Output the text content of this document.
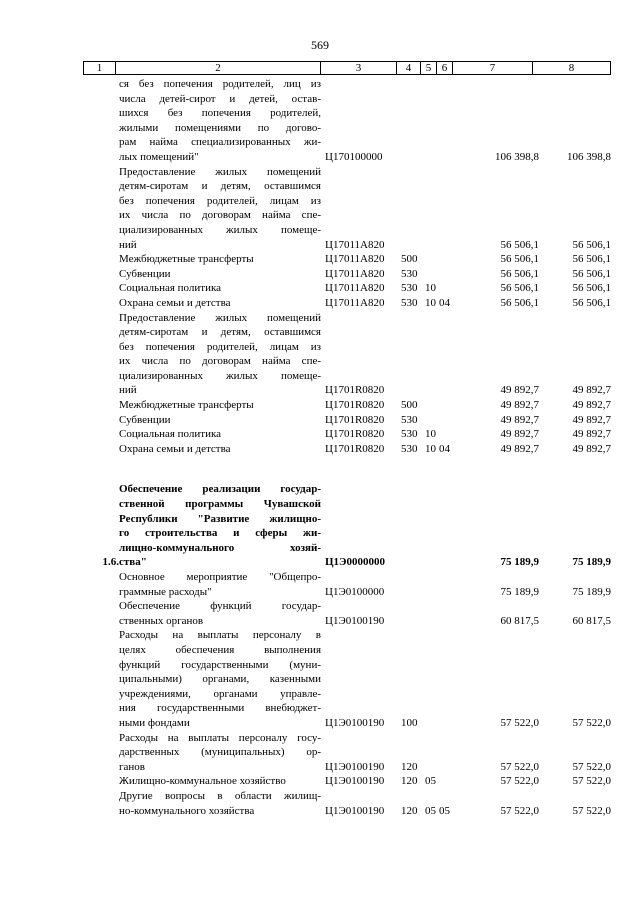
569
1	2	3	4	5 6	7	8
ся без попечения родителей, лиц из
числа детей-сирот и детей, остав-
шихся без попечения родителей,
жилыми помещениями по догово-
рам найма специализированных жи-
лых помещений"	Ц170100000	106 398,8	106 398,8
Предоставление жилых помещений
детям-сиротам и детям, оставшимся
без попечения родителей, лицам из
их числа по договорам найма спе-
циализированных жилых помеще-
ний	Ц17011А820	56 506,1	56 506,1
Межбюджетные трансферты	Ц17011А820	500	56 506,1	56 506,1
Субвенции	Ц17011А820	530	56 506,1	56 506,1
Социальная политика	Ц17011А820	530 10	56 506,1	56 506,1
Охрана семьи и детства	Ц17011А820	530 10 04	56 506,1	56 506,1
Предоставление жилых помещений
детям-сиротам и детям, оставшимся
без попечения родителей, лицам из
их числа по договорам найма спе-
циализированных жилых помеще-
ний	Ц1701R0820	49 892,7	49 892,7
Межбюджетные трансферты	Ц1701R0820	500	49 892,7	49 892,7
Субвенции	Ц1701R0820	530	49 892,7	49 892,7
Социальная политика	Ц1701R0820	530 10	49 892,7	49 892,7
Охрана семьи и детства	Ц1701R0820	530 10 04	49 892,7	49 892,7
1.6.
Обеспечение реализации государ-
ственной программы Чувашской
Республики "Развитие жилищно-
го строительства и сферы жи-
лищно-коммунального хозяй-
ства"	Ц1Э0000000	75 189,9	75 189,9
Основное мероприятие "Общепро-
граммные расходы"	Ц1Э0100000	75 189,9	75 189,9
Обеспечение функций государ-
ственных органов	Ц1Э0100190	60 817,5	60 817,5
Расходы на выплаты персоналу в
целях обеспечения выполнения
функций государственными (муни-
ципальными) органами, казенными
учреждениями, органами управле-
ния государственными внебюджет-
ными фондами	Ц1Э0100190	100	57 522,0	57 522,0
Расходы на выплаты персоналу госу-
дарственных (муниципальных) ор-
ганов	Ц1Э0100190	120	57 522,0	57 522,0
Жилищно-коммунальное хозяйство	Ц1Э0100190	120 05	57 522,0	57 522,0
Другие вопросы в области жилищ-
но-коммунального хозяйства	Ц1Э0100190	120 05 05	57 522,0	57 522,0
